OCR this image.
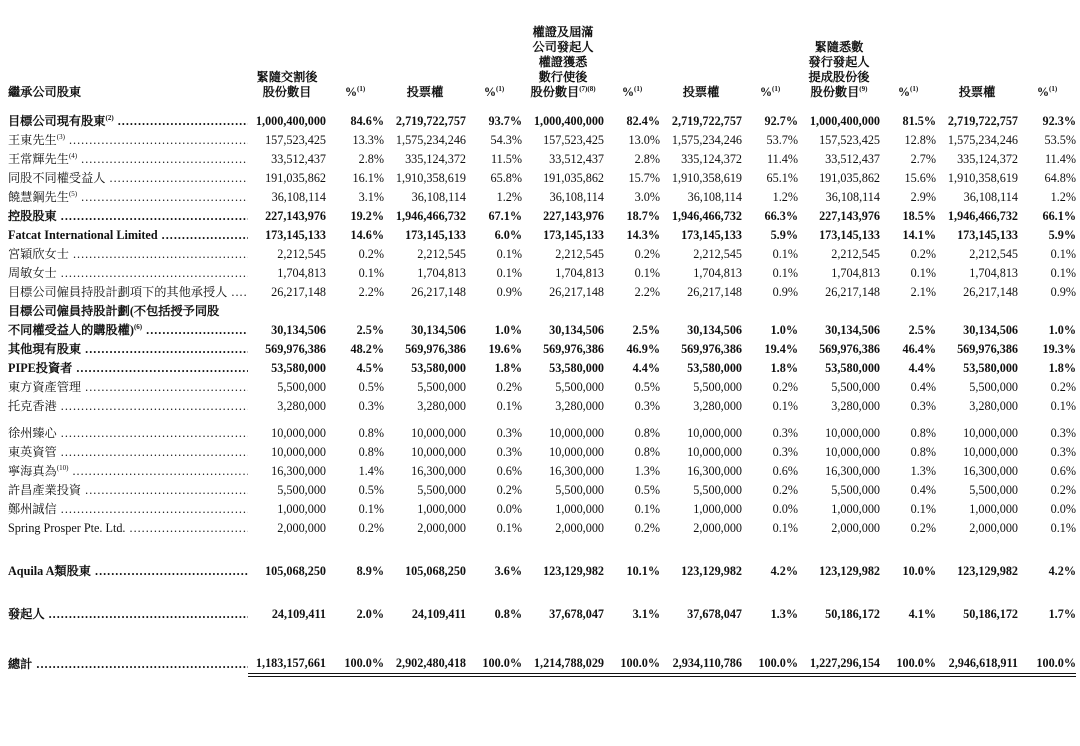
繼承公司股東	緊隨交割後
股份數目	%$^{(1)}$	投票權	%$^{(1)}$	權證及屆滿
公司發起人
權證獲悉
數行使後
股份數目$^{(7)(8)}$	%$^{(1)}$	投票權	%$^{(1)}$	緊隨悉數
發行發起人
提成股份後
股份數目$^{(9)}$	%$^{(1)}$	投票權	%$^{(1)}$

目標公司現有股東$^{(2)}$ .....	1,000,400,000	84.6%	2,719,722,757	93.7%	1,000,400,000	82.4%	2,719,722,757	92.7%	1,000,400,000	81.5%	2,719,722,757	92.3%

王東先生$^{(3)}$ .....	157,523,425	13.3%	1,575,234,246	54.3%	157,523,425	13.0%	1,575,234,246	53.7%	157,523,425	12.8%	1,575,234,246	53.5%

王常輝先生$^{(4)}$ .....	33,512,437	2.8%	335,124,372	11.5%	33,512,437	2.8%	335,124,372	11.4%	33,512,437	2.7%	335,124,372	11.4%

同股不同權受益人 .....	191,035,862	16.1%	1,910,358,619	65.8%	191,035,862	15.7%	1,910,358,619	65.1%	191,035,862	15.6%	1,910,358,619	64.8%

饒慧鋼先生$^{(5)}$ .....	36,108,114	3.1%	36,108,114	1.2%	36,108,114	3.0%	36,108,114	1.2%	36,108,114	2.9%	36,108,114	1.2%

控股股東 .....	227,143,976	19.2%	1,946,466,732	67.1%	227,143,976	18.7%	1,946,466,732	66.3%	227,143,976	18.5%	1,946,466,732	66.1%

Fatcat International Limited .....	173,145,133	14.6%	173,145,133	6.0%	173,145,133	14.3%	173,145,133	5.9%	173,145,133	14.1%	173,145,133	5.9%

宮穎欣女士 .....	2,212,545	0.2%	2,212,545	0.1%	2,212,545	0.2%	2,212,545	0.1%	2,212,545	0.2%	2,212,545	0.1%

周敏女士 .....	1,704,813	0.1%	1,704,813	0.1%	1,704,813	0.1%	1,704,813	0.1%	1,704,813	0.1%	1,704,813	0.1%

目標公司僱員持股計劃項下的其他承授人 .....	26,217,148	2.2%	26,217,148	0.9%	26,217,148	2.2%	26,217,148	0.9%	26,217,148	2.1%	26,217,148	0.9%
目標公司僱員持股計劃(不包括授予同股												

不同權受益人的購股權)$^{(6)}$ .....	30,134,506	2.5%	30,134,506	1.0%	30,134,506	2.5%	30,134,506	1.0%	30,134,506	2.5%	30,134,506	1.0%

其他現有股東 .....	569,976,386	48.2%	569,976,386	19.6%	569,976,386	46.9%	569,976,386	19.4%	569,976,386	46.4%	569,976,386	19.3%

PIPE投資者 .....	53,580,000	4.5%	53,580,000	1.8%	53,580,000	4.4%	53,580,000	1.8%	53,580,000	4.4%	53,580,000	1.8%

東方資產管理 .....	5,500,000	0.5%	5,500,000	0.2%	5,500,000	0.5%	5,500,000	0.2%	5,500,000	0.4%	5,500,000	0.2%

托克香港 .....	3,280,000	0.3%	3,280,000	0.1%	3,280,000	0.3%	3,280,000	0.1%	3,280,000	0.3%	3,280,000	0.1%

徐州臻心 .....	10,000,000	0.8%	10,000,000	0.3%	10,000,000	0.8%	10,000,000	0.3%	10,000,000	0.8%	10,000,000	0.3%

東英資管 .....	10,000,000	0.8%	10,000,000	0.3%	10,000,000	0.8%	10,000,000	0.3%	10,000,000	0.8%	10,000,000	0.3%

寧海真為$^{(10)}$ .....	16,300,000	1.4%	16,300,000	0.6%	16,300,000	1.3%	16,300,000	0.6%	16,300,000	1.3%	16,300,000	0.6%

許昌產業投資 .....	5,500,000	0.5%	5,500,000	0.2%	5,500,000	0.5%	5,500,000	0.2%	5,500,000	0.4%	5,500,000	0.2%

鄭州誠信 .....	1,000,000	0.1%	1,000,000	0.0%	1,000,000	0.1%	1,000,000	0.0%	1,000,000	0.1%	1,000,000	0.0%

Spring Prosper Pte. Ltd. .....	2,000,000	0.2%	2,000,000	0.1%	2,000,000	0.2%	2,000,000	0.1%	2,000,000	0.2%	2,000,000	0.1%

Aquila A類股東 .....	105,068,250	8.9%	105,068,250	3.6%	123,129,982	10.1%	123,129,982	4.2%	123,129,982	10.0%	123,129,982	4.2%

發起人 .....	24,109,411	2.0%	24,109,411	0.8%	37,678,047	3.1%	37,678,047	1.3%	50,186,172	4.1%	50,186,172	1.7%

總計 .....	1,183,157,661	100.0%	2,902,480,418	100.0%	1,214,788,029	100.0%	2,934,110,786	100.0%	1,227,296,154	100.0%	2,946,618,911	100.0%
